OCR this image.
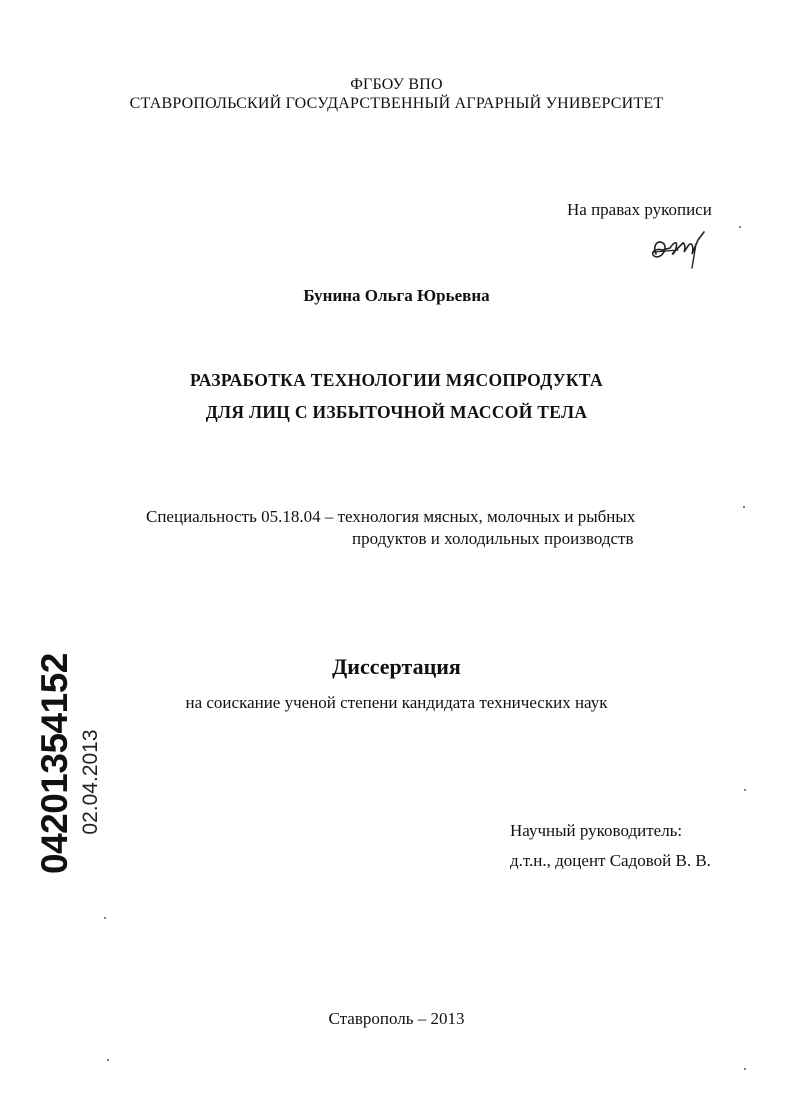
ФГБОУ ВПО
СТАВРОПОЛЬСКИЙ ГОСУДАРСТВЕННЫЙ АГРАРНЫЙ УНИВЕРСИТЕТ
На правах рукописи
Бунина Ольга Юрьевна
РАЗРАБОТКА ТЕХНОЛОГИИ МЯСОПРОДУКТА
ДЛЯ ЛИЦ С ИЗБЫТОЧНОЙ МАССОЙ ТЕЛА
Специальность 05.18.04 – технология мясных, молочных и рыбных
продуктов и холодильных производств
Диссертация
на соискание ученой степени кандидата технических наук
Научный руководитель:
д.т.н., доцент Садовой В. В.
Ставрополь – 2013
04201354152 02.04.2013
